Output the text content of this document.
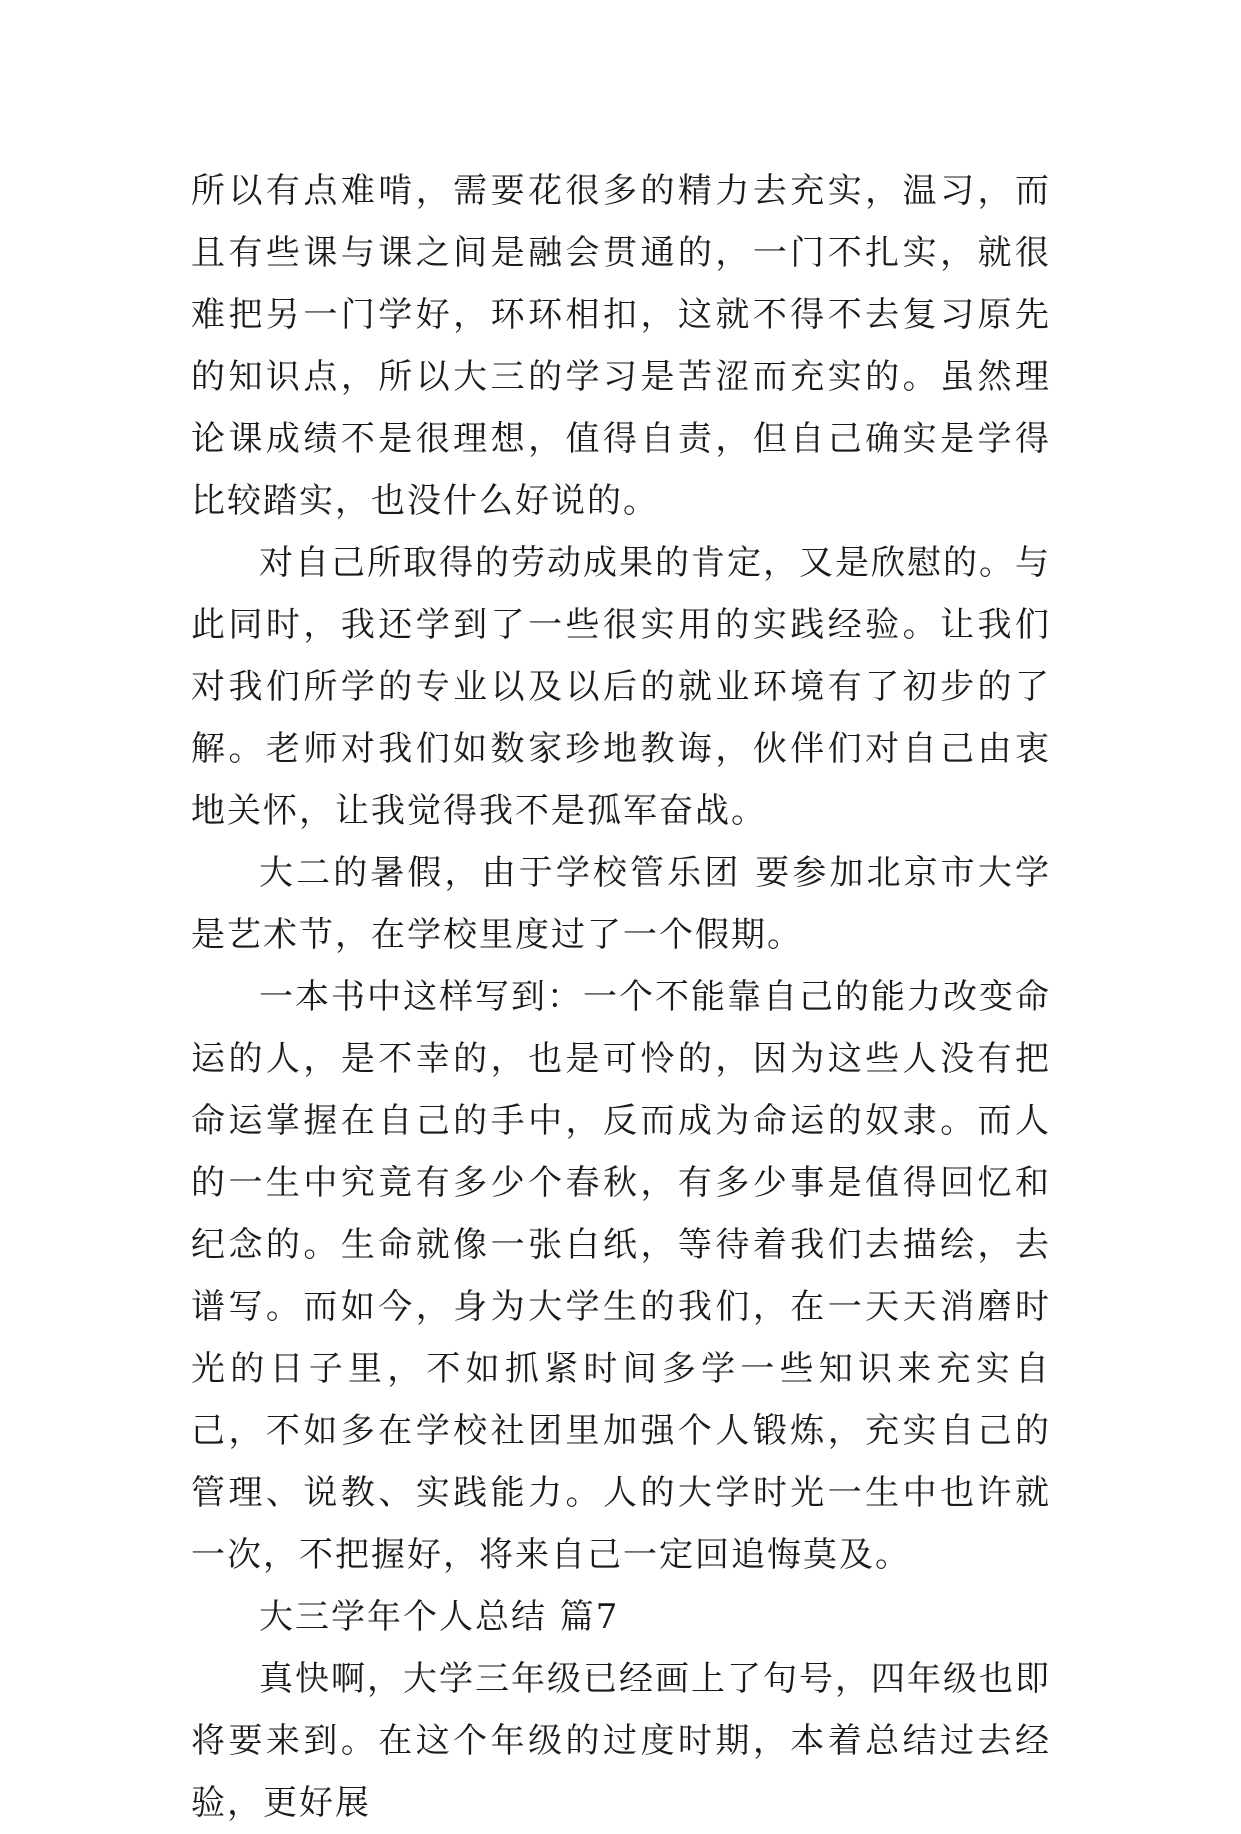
所以有点难啃，需要花很多的精力去充实，温习，而且有些课与课之间是融会贯通的，一门不扎实，就很难把另一门学好，环环相扣，这就不得不去复习原先的知识点，所以大三的学习是苦涩而充实的。虽然理论课成绩不是很理想，值得自责，但自己确实是学得比较踏实，也没什么好说的。

对自己所取得的劳动成果的肯定，又是欣慰的。与此同时，我还学到了一些很实用的实践经验。让我们对我们所学的专业以及以后的就业环境有了初步的了解。老师对我们如数家珍地教诲，伙伴们对自己由衷地关怀，让我觉得我不是孤军奋战。

大二的暑假，由于学校管乐团 要参加北京市大学是艺术节，在学校里度过了一个假期。

一本书中这样写到：一个不能靠自己的能力改变命运的人，是不幸的，也是可怜的，因为这些人没有把命运掌握在自己的手中，反而成为命运的奴隶。而人的一生中究竟有多少个春秋，有多少事是值得回忆和纪念的。生命就像一张白纸，等待着我们去描绘，去谱写。而如今，身为大学生的我们，在一天天消磨时光的日子里，不如抓紧时间多学一些知识来充实自己，不如多在学校社团里加强个人锻炼，充实自己的管理、说教、实践能力。人的大学时光一生中也许就一次，不把握好，将来自己一定回追悔莫及。

大三学年个人总结 篇7

真快啊，大学三年级已经画上了句号，四年级也即将要来到。在这个年级的过度时期，本着总结过去经验，更好展
